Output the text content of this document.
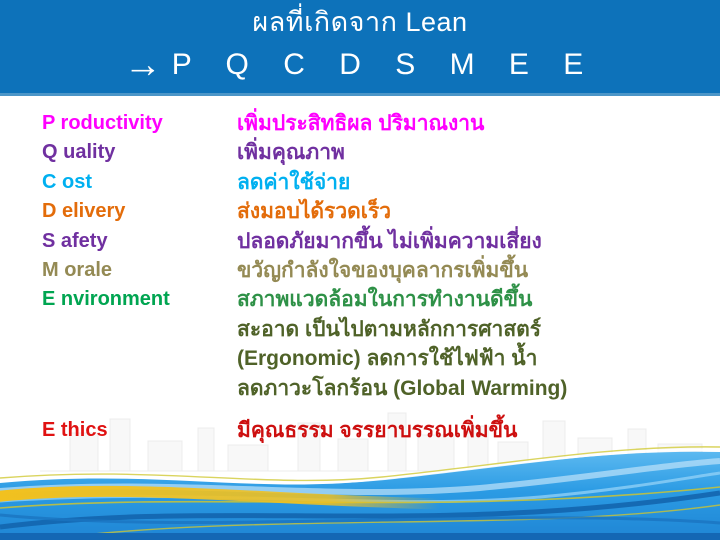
ผลที่เกิดจาก Lean
→ P Q C D S M E E
P roductivity	เพิ่มประสิทธิผล ปริมาณงาน
Q uality	เพิ่มคุณภาพ
C ost	ลดค่าใช้จ่าย
D elivery	ส่งมอบได้รวดเร็ว
S afety	ปลอดภัยมากขึ้น ไม่เพิ่มความเสี่ยง
M orale	ขวัญกำลังใจของบุคลากรเพิ่มขึ้น
E nvironment	สภาพแวดล้อมในการทำงานดีขึ้น
สะอาด เป็นไปตามหลักการศาสตร์
(Ergonomic) ลดการใช้ไฟฟ้า น้ำ
ลดภาวะโลกร้อน (Global Warming)
E thics	มีคุณธรรม จรรยาบรรณเพิ่มขึ้น
